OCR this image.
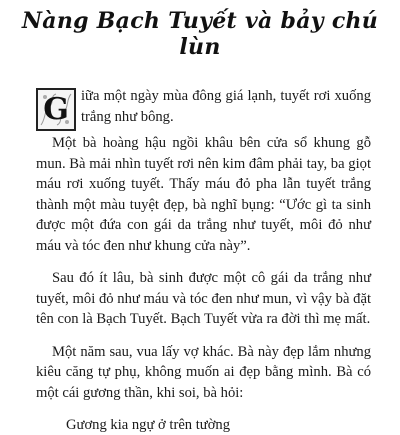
Nàng Bạch Tuyết và bảy chú lùn

G iữa một ngày mùa đông giá lạnh, tuyết rơi xuống trắng như bông.

Một bà hoàng hậu ngồi khâu bên cửa sổ khung gỗ mun. Bà mải nhìn tuyết rơi nên kim đâm phải tay, ba giọt máu rơi xuống tuyết. Thấy máu đỏ pha lẫn tuyết trắng thành một màu tuyệt đẹp, bà nghĩ bụng: “Ước gì ta sinh được một đứa con gái da trắng như tuyết, môi đỏ như máu và tóc đen như khung cửa này”.

Sau đó ít lâu, bà sinh được một cô gái da trắng như tuyết, môi đỏ như máu và tóc đen như mun, vì vậy bà đặt tên con là Bạch Tuyết. Bạch Tuyết vừa ra đời thì mẹ mất.

Một năm sau, vua lấy vợ khác. Bà này đẹp lắm nhưng kiêu căng tự phụ, không muốn ai đẹp bằng mình. Bà có một cái gương thần, khi soi, bà hỏi:

Gương kia ngự ở trên tường
